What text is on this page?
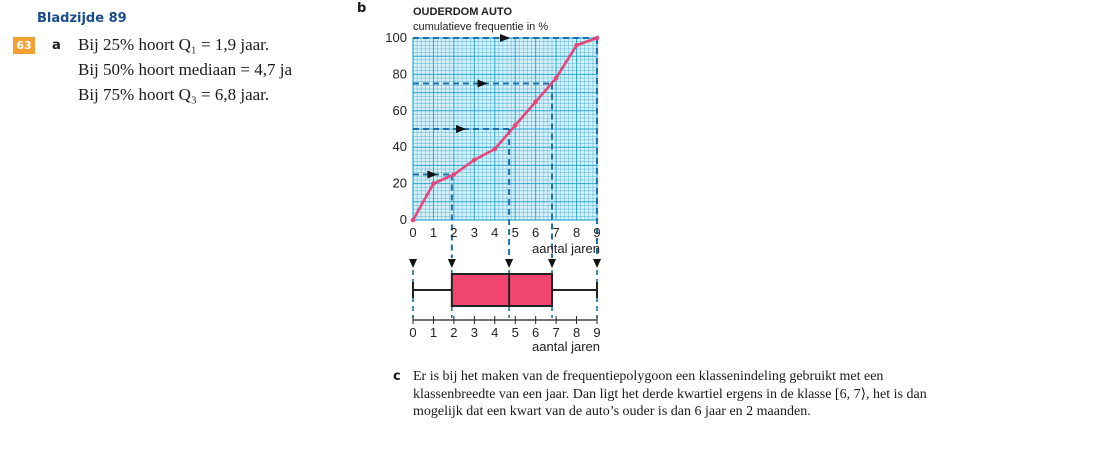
Bladzijde 89
63 a Bij 25% hoort Q₁ = 1,9 jaar.
Bij 50% hoort mediaan = 4,7 ja
Bij 75% hoort Q₃ = 6,8 jaar.
b	OUDERDOM AUTO
cumulatieve frequentie in %
0
20
40
60
80
100
0 1 2 3 4 5 6 7 8 9
aantal jaren
0 1 2 3 4 5 6 7 8 9
aantal jaren
c Er is bij het maken van de frequentiepolygoon een klassenindeling gebruikt met een klassenbreedte van een jaar. Dan ligt het derde kwartiel ergens in de klasse [6, 7⟩, het is dan mogelijk dat een kwart van de auto’s ouder is dan 6 jaar en 2 maanden.
